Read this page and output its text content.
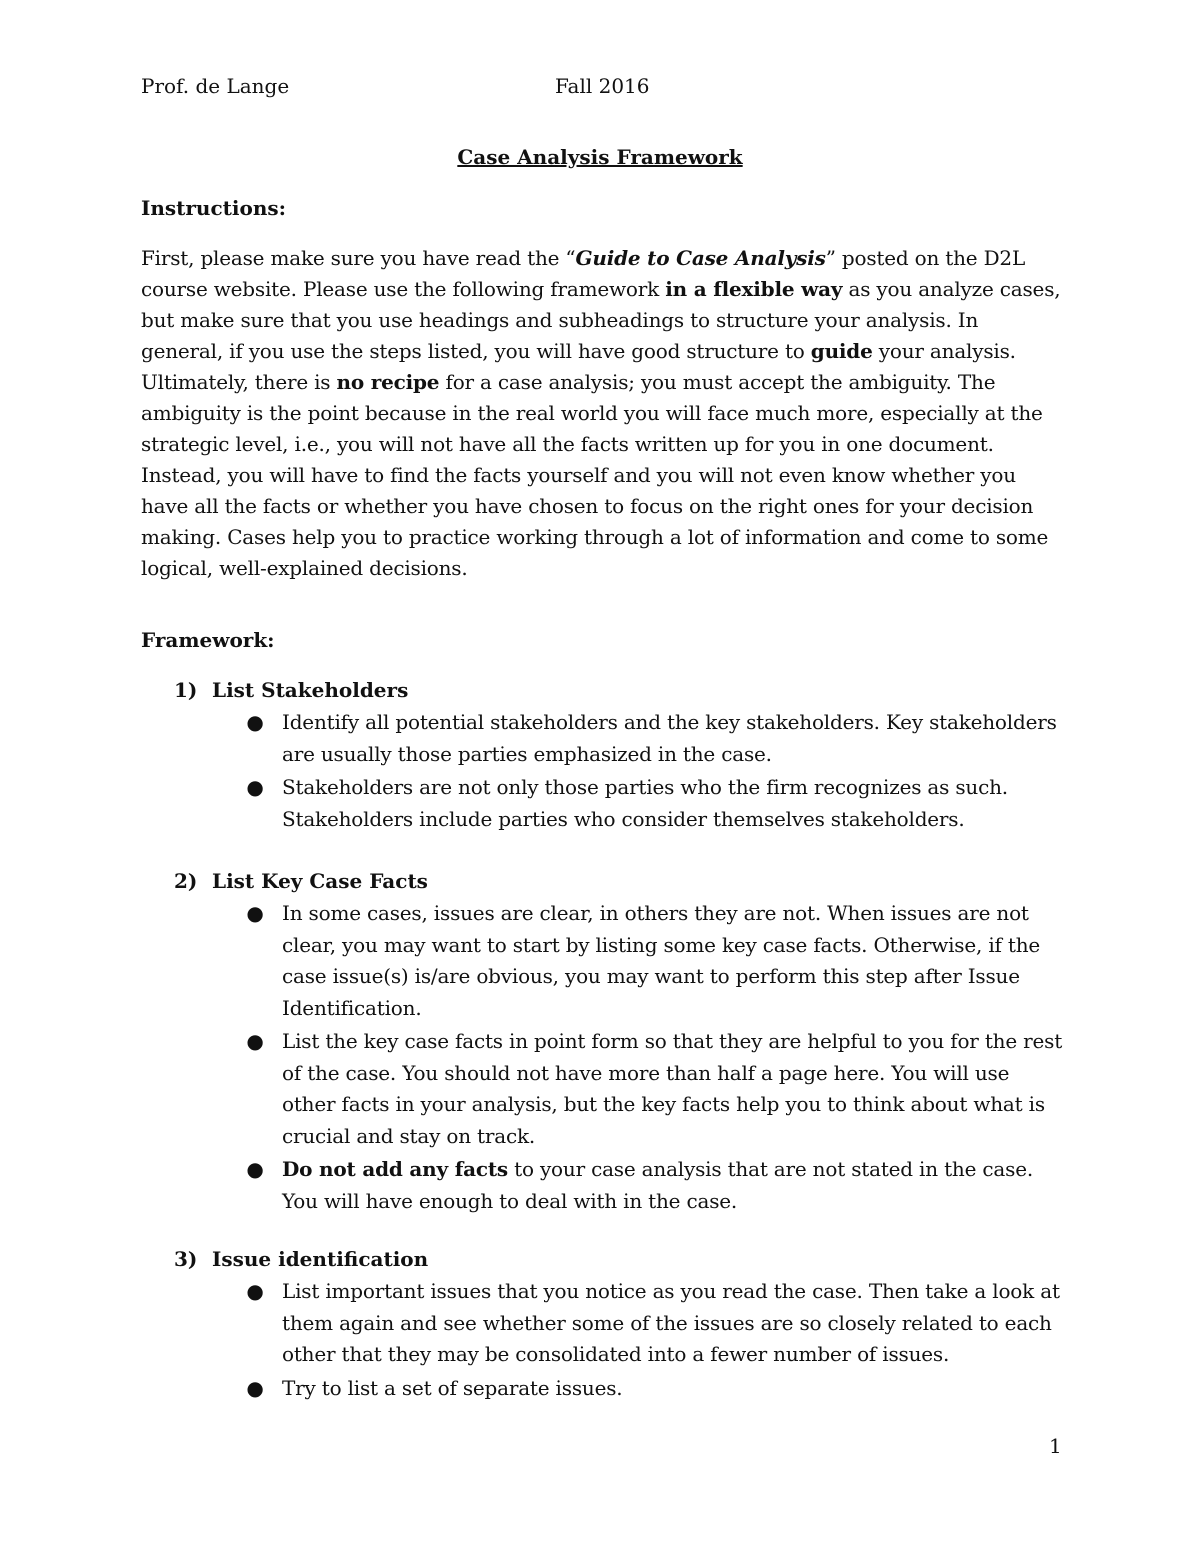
Prof. de Lange	Fall 2016
Case Analysis Framework
Instructions:
First, please make sure you have read the “Guide to Case Analysis” posted on the D2L course website. Please use the following framework in a flexible way as you analyze cases, but make sure that you use headings and subheadings to structure your analysis. In general, if you use the steps listed, you will have good structure to guide your analysis. Ultimately, there is no recipe for a case analysis; you must accept the ambiguity. The ambiguity is the point because in the real world you will face much more, especially at the strategic level, i.e., you will not have all the facts written up for you in one document. Instead, you will have to find the facts yourself and you will not even know whether you have all the facts or whether you have chosen to focus on the right ones for your decision making. Cases help you to practice working through a lot of information and come to some logical, well-explained decisions.
Framework:
1) List Stakeholders
● Identify all potential stakeholders and the key stakeholders. Key stakeholders are usually those parties emphasized in the case.
● Stakeholders are not only those parties who the firm recognizes as such. Stakeholders include parties who consider themselves stakeholders.
2) List Key Case Facts
● In some cases, issues are clear, in others they are not. When issues are not clear, you may want to start by listing some key case facts. Otherwise, if the case issue(s) is/are obvious, you may want to perform this step after Issue Identification.
● List the key case facts in point form so that they are helpful to you for the rest of the case. You should not have more than half a page here. You will use other facts in your analysis, but the key facts help you to think about what is crucial and stay on track.
● Do not add any facts to your case analysis that are not stated in the case. You will have enough to deal with in the case.
3) Issue identification
● List important issues that you notice as you read the case. Then take a look at them again and see whether some of the issues are so closely related to each other that they may be consolidated into a fewer number of issues.
● Try to list a set of separate issues.
1
